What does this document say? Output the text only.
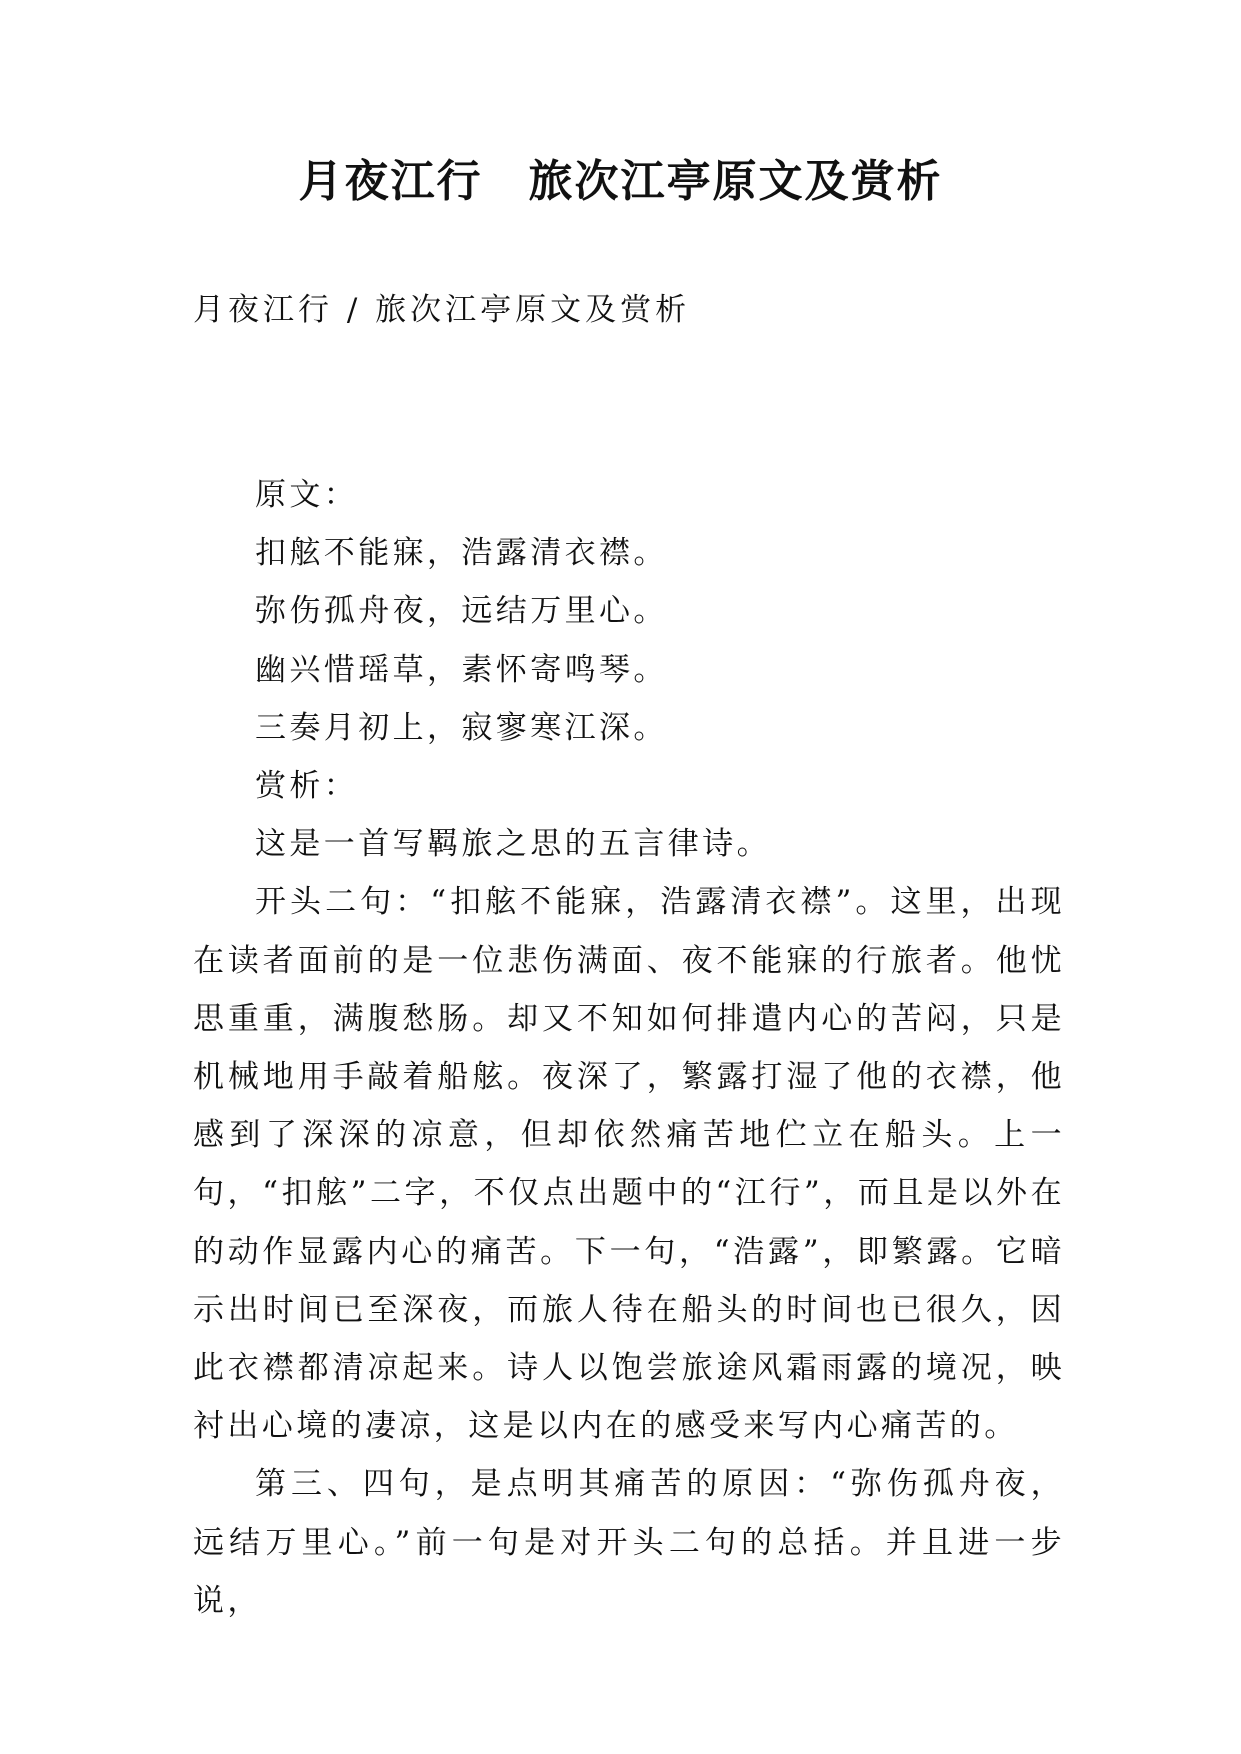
月夜江行　旅次江亭原文及赏析
月夜江行 / 旅次江亭原文及赏析

原文：

扣舷不能寐，浩露清衣襟。

弥伤孤舟夜，远结万里心。

幽兴惜瑶草，素怀寄鸣琴。

三奏月初上，寂寥寒江深。

赏析：

这是一首写羁旅之思的五言律诗。

开头二句：“扣舷不能寐，浩露清衣襟”。这里，出现在读者面前的是一位悲伤满面、夜不能寐的行旅者。他忧思重重，满腹愁肠。却又不知如何排遣内心的苦闷，只是机械地用手敲着船舷。夜深了，繁露打湿了他的衣襟，他感到了深深的凉意，但却依然痛苦地伫立在船头。上一句，“扣舷”二字，不仅点出题中的“江行”，而且是以外在的动作显露内心的痛苦。下一句，“浩露”，即繁露。它暗示出时间已至深夜，而旅人待在船头的时间也已很久，因此衣襟都清凉起来。诗人以饱尝旅途风霜雨露的境况，映衬出心境的凄凉，这是以内在的感受来写内心痛苦的。

第三、四句，是点明其痛苦的原因：“弥伤孤舟夜，远结万里心。”前一句是对开头二句的总括。并且进一步说，
